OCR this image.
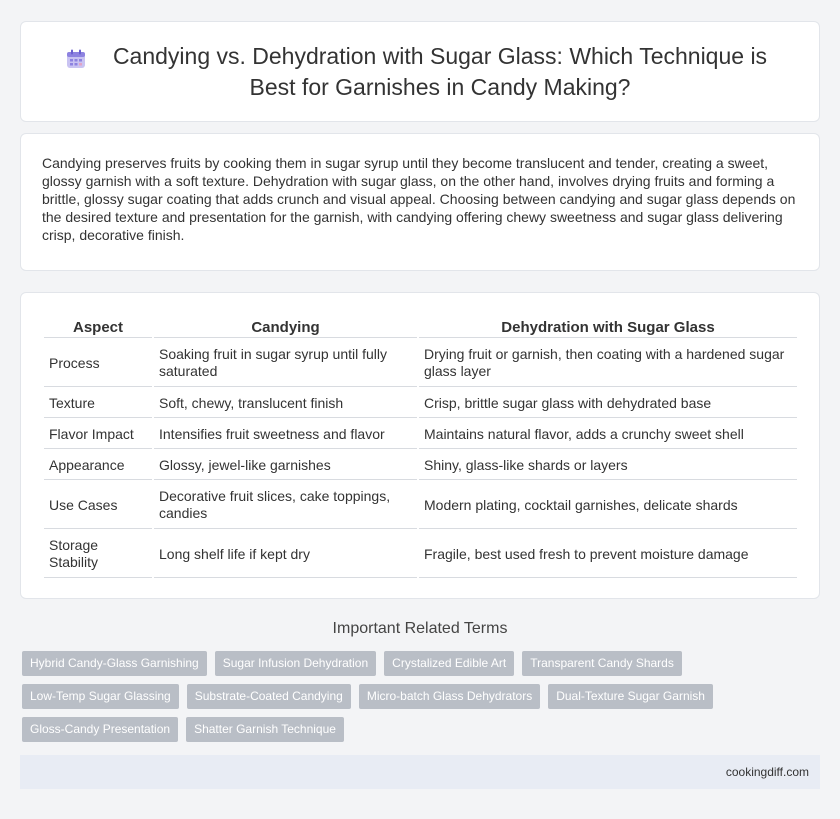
Candying vs. Dehydration with Sugar Glass: Which Technique is Best for Garnishes in Candy Making?

Candying preserves fruits by cooking them in sugar syrup until they become translucent and tender, creating a sweet, glossy garnish with a soft texture. Dehydration with sugar glass, on the other hand, involves drying fruits and forming a brittle, glossy sugar coating that adds crunch and visual appeal. Choosing between candying and sugar glass depends on the desired texture and presentation for the garnish, with candying offering chewy sweetness and sugar glass delivering crisp, decorative finish.

Aspect	Candying	Dehydration with Sugar Glass
Process	Soaking fruit in sugar syrup until fully saturated	Drying fruit or garnish, then coating with a hardened sugar glass layer
Texture	Soft, chewy, translucent finish	Crisp, brittle sugar glass with dehydrated base
Flavor Impact	Intensifies fruit sweetness and flavor	Maintains natural flavor, adds a crunchy sweet shell
Appearance	Glossy, jewel-like garnishes	Shiny, glass-like shards or layers
Use Cases	Decorative fruit slices, cake toppings, candies	Modern plating, cocktail garnishes, delicate shards
Storage Stability	Long shelf life if kept dry	Fragile, best used fresh to prevent moisture damage
Important Related Terms
Hybrid Candy-Glass Garnishing	Sugar Infusion Dehydration	Crystalized Edible Art	Transparent Candy Shards
Low-Temp Sugar Glassing	Substrate-Coated Candying	Micro-batch Glass Dehydrators	Dual-Texture Sugar Garnish
Gloss-Candy Presentation	Shatter Garnish Technique
cookingdiff.com
